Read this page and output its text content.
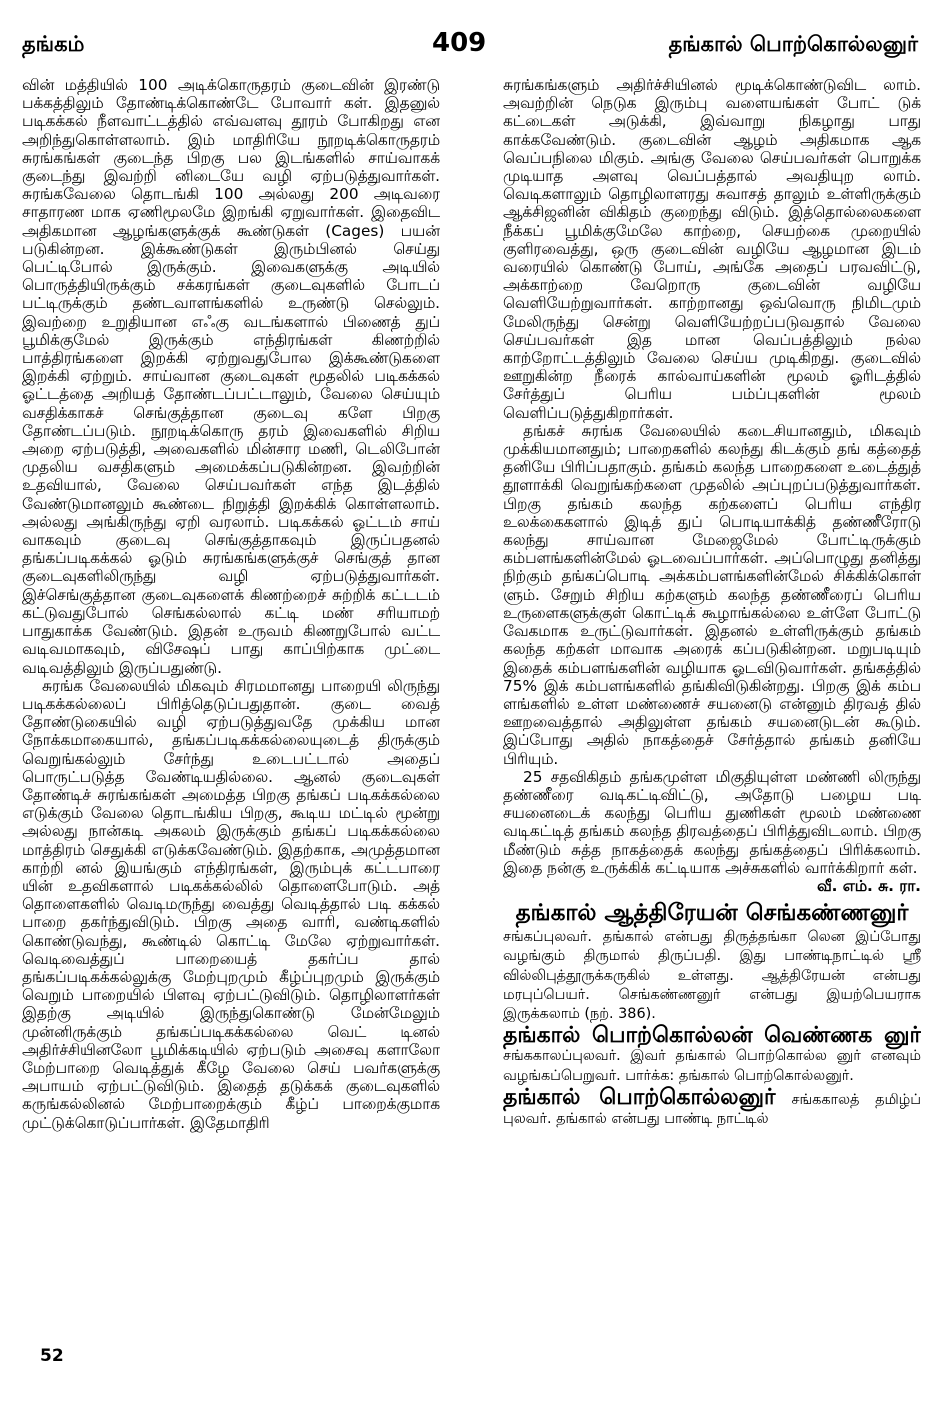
தங்கம்	409	தங்கால் பொற்கொல்லனுர்

வின் மத்தியில் 100 அடிக்கொருதரம் குடைவின் இரண்டு பக்கத்திலும் தோண்டிக்கொண்டே போவார் கள். இதனுல் படிகக்கல் நீளவாட்டத்தில் எவ்வளவு தூரம் போகிறது என அறிந்துகொள்ளலாம். இம் மாதிரியே நூறடிக்கொருதரம் சுரங்கங்கள் குடைந்த பிறகு பல இடங்களில் சாய்வாகக் குடைந்து இவற்றி னிடையே வழி ஏற்படுத்துவார்கள். சுரங்கவேலை தொடங்கி 100 அல்லது 200 அடிவரை சாதாரண மாக ஏணிமூலமே இறங்கி ஏறுவார்கள். இதைவிட அதிகமான ஆழங்களுக்குக் கூண்டுகள் (Cages) பயன் படுகின்றன. இக்கூண்டுகள் இரும்பினல் செய்து பெட்டிபோல் இருக்கும். இவைகளுக்கு அடியில் பொருத்தியிருக்கும் சக்கரங்கள் குடைவுகளில் போடப் பட்டிருக்கும் தண்டவாளங்களில் உருண்டு செல்லும். இவற்றை உறுதியான எஃகு வடங்களால் பிணைத் துப் பூமிக்குமேல் இருக்கும் எந்திரங்கள் கிணற்றில் பாத்திரங்களை இறக்கி ஏற்றுவதுபோல இக்கூண்டுகளை இறக்கி ஏற்றும். சாய்வான குடைவுகள் மூதலில் படிகக்கல் ஓட்டத்தை அறியத் தோண்டப்பட்டாலும், வேலை செய்யும் வசதிக்காகச் செங்குத்தான குடைவு களே பிறகு தோண்டப்படும். நூறடிக்கொரு தரம் இவைகளில் சிறிய அறை ஏற்படுத்தி, அவைகளில் மின்சார மணி, டெலிபோன் முதலிய வசதிகளும் அமைக்கப்படுகின்றன. இவற்றின் உதவியால், வேலை செய்பவர்கள் எந்த இடத்தில் வேண்டுமானலும் கூண்டை நிறுத்தி இறக்கிக் கொள்ளலாம். அல்லது அங்கிருந்து ஏறி வரலாம். படிகக்கல் ஓட்டம் சாய் வாகவும் குடைவு செங்குத்தாகவும் இருப்பதனல் தங்கப்படிகக்கல் ஓடும் சுரங்கங்களுக்குச் செங்குத் தான குடைவுகளிலிருந்து வழி ஏற்படுத்துவார்கள். இச்செங்குத்தான குடைவுகளைக் கிணற்றைச் சுற்றிக் கட்டடம் கட்டுவதுபோல் செங்கல்லால் கட்டி மண் சரியாமற் பாதுகாக்க வேண்டும். இதன் உருவம் கிணறுபோல் வட்ட வடிவமாகவும், விசேஷப் பாது காப்பிற்காக முட்டை வடிவத்திலும் இருப்பதுண்டு.

சுரங்க வேலையில் மிகவும் சிரமமானது பாறையி லிருந்து படிகக்கல்லைப் பிரித்தெடுப்பதுதான். குடை வைத் தோண்டுகையில் வழி ஏற்படுத்துவதே முக்கிய மான நோக்கமாகையால், தங்கப்படிகக்கல்லையுடைத் திருக்கும் வெறுங்கல்லும் சேர்ந்து உடைபட்டால் அதைப் பொருட்படுத்த வேண்டியதில்லை. ஆனல் குடைவுகள் தோண்டிச் சுரங்கங்கள் அமைத்த பிறகு தங்கப் படிகக்கல்லை எடுக்கும் வேலை தொடங்கிய பிறகு, கூடிய மட்டில் மூன்று அல்லது நான்கடி அகலம் இருக்கும் தங்கப் படிகக்கல்லை மாத்திரம் செதுக்கி எடுக்கவேண்டும். இதற்காக, அமுத்தமான காற்றி னல் இயங்கும் எந்திரங்கள், இரும்புக் கட்டபாரை யின் உதவிகளால் படிகக்கல்லில் தொளைபோடும். அத் தொளைகளில் வெடிமருந்து வைத்து வெடித்தால் படி கக்கல் பாறை தகர்ந்துவிடும். பிறகு அதை வாரி, வண்டிகளில் கொண்டுவந்து, கூண்டில் கொட்டி மேலே ஏற்றுவார்கள். வெடிவைத்துப் பாறையைத் தகர்ப்ப தால் தங்கப்படிகக்கல்லுக்கு மேற்புறமும் கீழ்ப்புறமும் இருக்கும் வெறும் பாறையில் பிளவு ஏற்பட்டுவிடும். தொழிலாளர்கள் இதற்கு அடியில் இருந்துகொண்டு மேன்மேலும் முன்னிருக்கும் தங்கப்படிகக்கல்லை வெட் டினல் அதிர்ச்சியினலோ பூமிக்கடியில் ஏற்படும் அசைவு களாலோ மேற்பாறை வெடித்துக் கீழே வேலை செய் பவர்களுக்கு அபாயம் ஏற்பட்டுவிடும். இதைத் தடுக்கக் குடைவுகளில் கருங்கல்லினல் மேற்பாறைக்கும் கீழ்ப் பாறைக்குமாக முட்டுக்கொடுப்பார்கள். இதேமாதிரி

சுரங்கங்களும் அதிர்ச்சியினல் மூடிக்கொண்டுவிட லாம். அவற்றின் நெடுக இரும்பு வளையங்கள் போட் டுக் கட்டைகள் அடுக்கி, இவ்வாறு நிகழாது பாது காக்கவேண்டும். குடைவின் ஆழம் அதிகமாக ஆக வெப்பநிலை மிகும். அங்கு வேலை செய்பவர்கள் பொறுக்க முடியாத அளவு வெப்பத்தால் அவதியுற லாம். வெடிகளாலும் தொழிலாளரது சுவாசத் தாலும் உள்ளிருக்கும் ஆக்சிஜனின் விகிதம் குறைந்து விடும். இத்தொல்லைகளை நீக்கப் பூமிக்குமேலே காற்றை, செயற்கை முறையில் குளிரவைத்து, ஒரு குடைவின் வழியே ஆழமான இடம் வரையில் கொண்டு போய், அங்கே அதைப் பரவவிட்டு, அக்காற்றை வேறொரு குடைவின் வழியே வெளியேற்றுவார்கள். காற்றானது ஒவ்வொரு நிமிடமும் மேலிருந்து சென்று வெளியேற்றப்படுவதால் வேலை செய்பவர்கள் இத மான வெப்பத்திலும் நல்ல காற்றோட்டத்திலும் வேலை செய்ய முடிகிறது. குடைவில் ஊறுகின்ற நீரைக் கால்வாய்களின் மூலம் ஓரிடத்தில் சேர்த்துப் பெரிய பம்ப்புகளின் மூலம் வெளிப்படுத்துகிறார்கள்.

தங்கச் சுரங்க வேலையில் கடைசியானதும், மிகவும் முக்கியமானதும்; பாறைகளில் கலந்து கிடக்கும் தங் கத்தைத் தனியே பிரிப்பதாகும். தங்கம் கலந்த பாறைகளை உடைத்துத் தூளாக்கி வெறுங்கற்களை முதலில் அப்புறப்படுத்துவார்கள். பிறகு தங்கம் கலந்த கற்களைப் பெரிய எந்திர உலக்கைகளால் இடித் துப் பொடியாக்கித் தண்ணீரோடு கலந்து சாய்வான மேஜைமேல் போட்டிருக்கும் கம்பளங்களின்மேல் ஓடவைப்பார்கள். அப்பொழுது தனித்து நிற்கும் தங்கப்பொடி அக்கம்பளங்களின்மேல் சிக்கிக்கொள் ளும். சேறும் சிறிய கற்களும் கலந்த தண்ணீரைப் பெரிய உருளைகளுக்குள் கொட்டிக் கூழாங்கல்லை உள்ளே போட்டு வேகமாக உருட்டுவார்கள். இதனல் உள்ளிருக்கும் தங்கம் கலந்த கற்கள் மாவாக அரைக் கப்படுகின்றன. மறுபடியும் இதைக் கம்பளங்களின் வழியாக ஓடவிடுவார்கள். தங்கத்தில் 75% இக் கம்பளங்களில் தங்கிவிடுகின்றது. பிறகு இக் கம்ப ளங்களில் உள்ள மண்ணைச் சயனைடு என்னும் திரவத் தில் ஊறவைத்தால் அதிலுள்ள தங்கம் சயனைடுடன் கூடும். இப்போது அதில் நாகத்தைச் சேர்த்தால் தங்கம் தனியே பிரியும்.

25 சதவிகிதம் தங்கமுள்ள மிகுதியுள்ள மண்ணி லிருந்து தண்ணீரை வடிகட்டிவிட்டு, அதோடு பழைய படி சயனைடைக் கலந்து பெரிய துணிகள் மூலம் மண்ணை வடிகட்டித் தங்கம் கலந்த திரவத்தைப் பிரித்துவிடலாம். பிறகு மீண்டும் சுத்த நாகத்தைக் கலந்து தங்கத்தைப் பிரிக்கலாம். இதை நன்கு உருக்கிக் கட்டியாக அச்சுகளில் வார்க்கிறார் கள்.

வீ. எம். சு. ரா.

தங்கால் ஆத்திரேயன் செங்கண்ணனுர்
சங்கப்புலவர். தங்கால் என்பது திருத்தங்கா லென இப்போது வழங்கும் திருமால் திருப்பதி. இது பாண்டிநாட்டில் ஸ்ரீ வில்லிபுத்தூருக்கருகில் உள்ளது. ஆத்திரேயன் என்பது மரபுப்பெயர். செங்கண்ணனுர் என்பது இயற்பெயராக இருக்கலாம் (நற். 386).
தங்கால் பொற்கொல்லன் வெண்ணக னுர் சங்ககாலப்புலவர். இவர் தங்கால் பொற்கொல்ல னுர் எனவும் வழங்கப்பெறுவர். பார்க்க: தங்கால் பொற்கொல்லனுர்.
தங்கால் பொற்கொல்லனுர் சங்ககாலத் தமிழ்ப் புலவர். தங்கால் என்பது பாண்டி நாட்டில்
52
